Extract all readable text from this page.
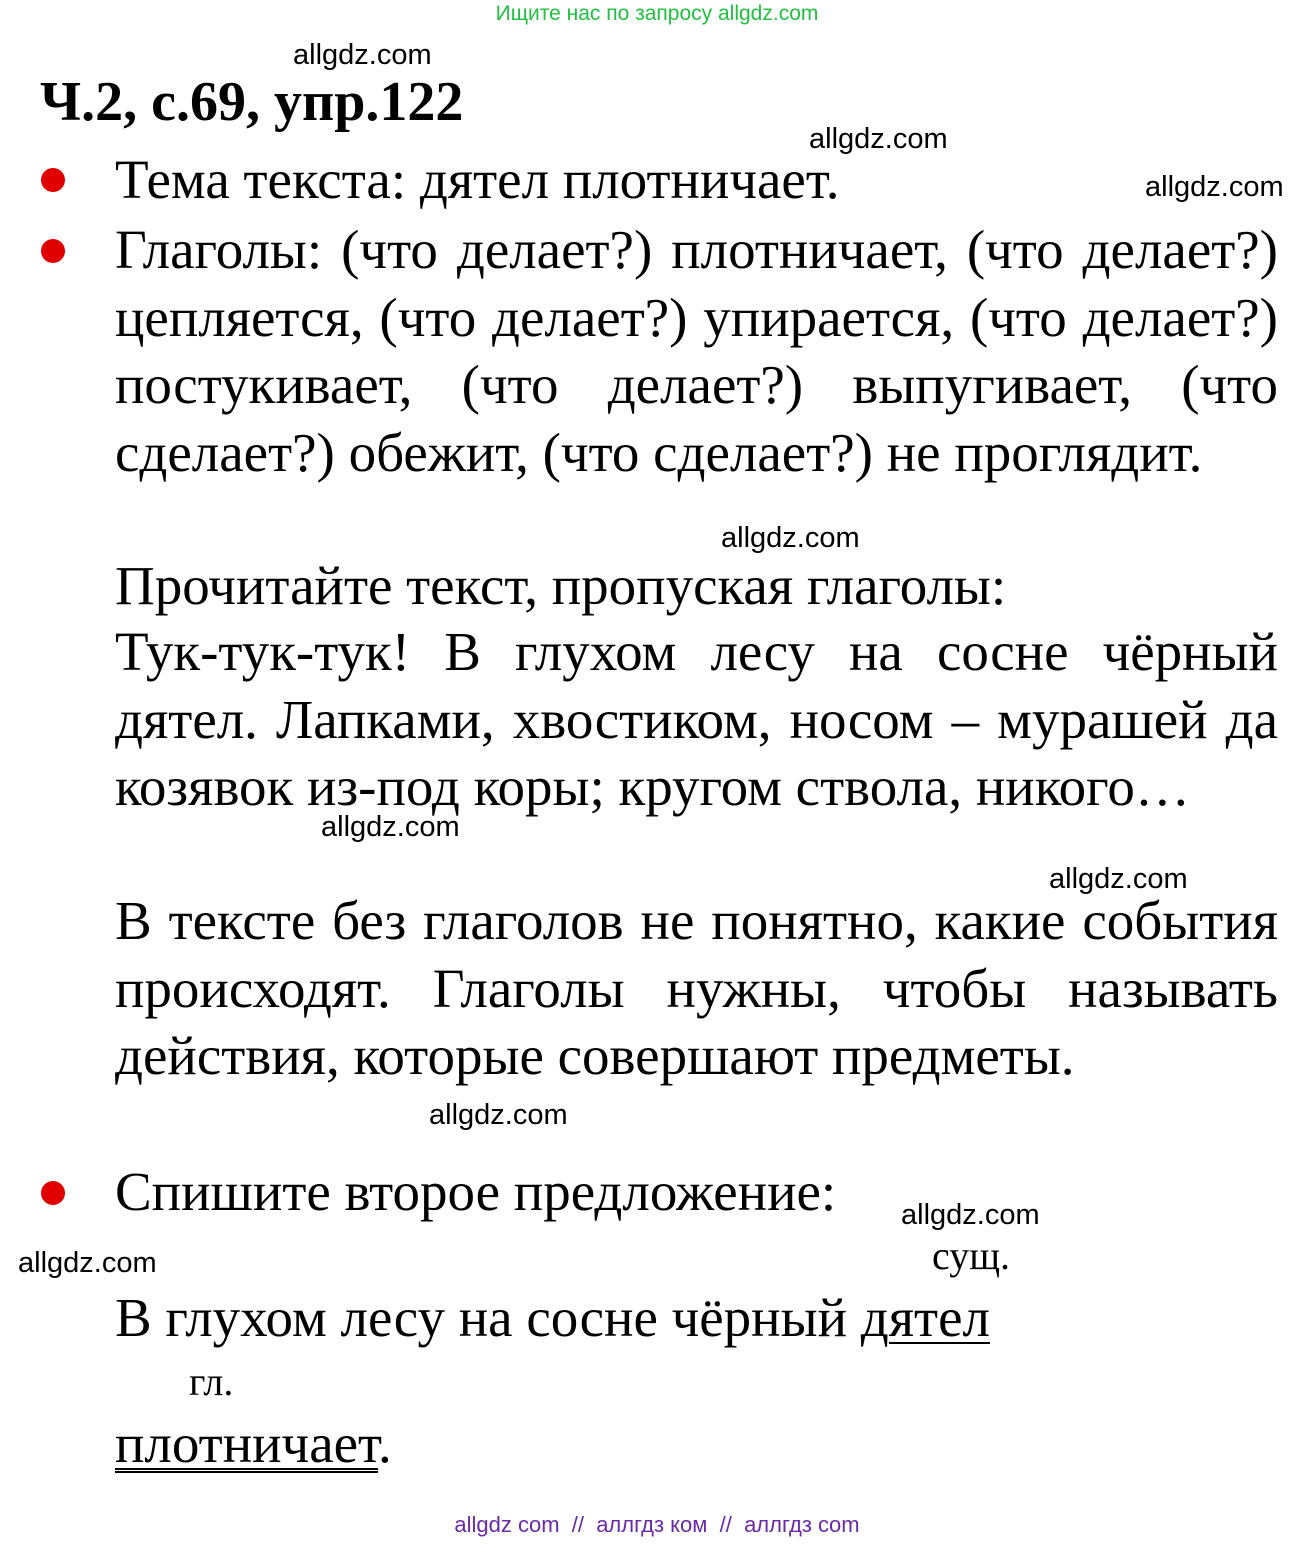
Ищите нас по запросу allgdz.com
allgdz.com
allgdz.com
allgdz.com
allgdz.com
allgdz.com
allgdz.com
allgdz.com
allgdz.com
allgdz.com
Ч.2, с.69, упр.122

Тема текста: дятел плотничает.

Глаголы: (что делает?) плотничает, (что делает?) цепляется, (что делает?) упирается, (что делает?) постукивает, (что делает?) выпугивает, (что сделает?) обежит, (что сделает?) не проглядит.

Прочитайте текст, пропуская глаголы:

Тук-тук-тук! В глухом лесу на сосне чёрный дятел. Лапками, хвостиком, носом – мурашей да козявок из-под коры; кругом ствола, никого…

В тексте без глаголов не понятно, какие события происходят. Глаголы нужны, чтобы называть действия, которые совершают предметы.

Спишите второе предложение:

сущ.
В глухом лесу на сосне чёрный дятел
гл.
плотничает.
allgdz com  //  аллгдз ком  //  аллгдз com
